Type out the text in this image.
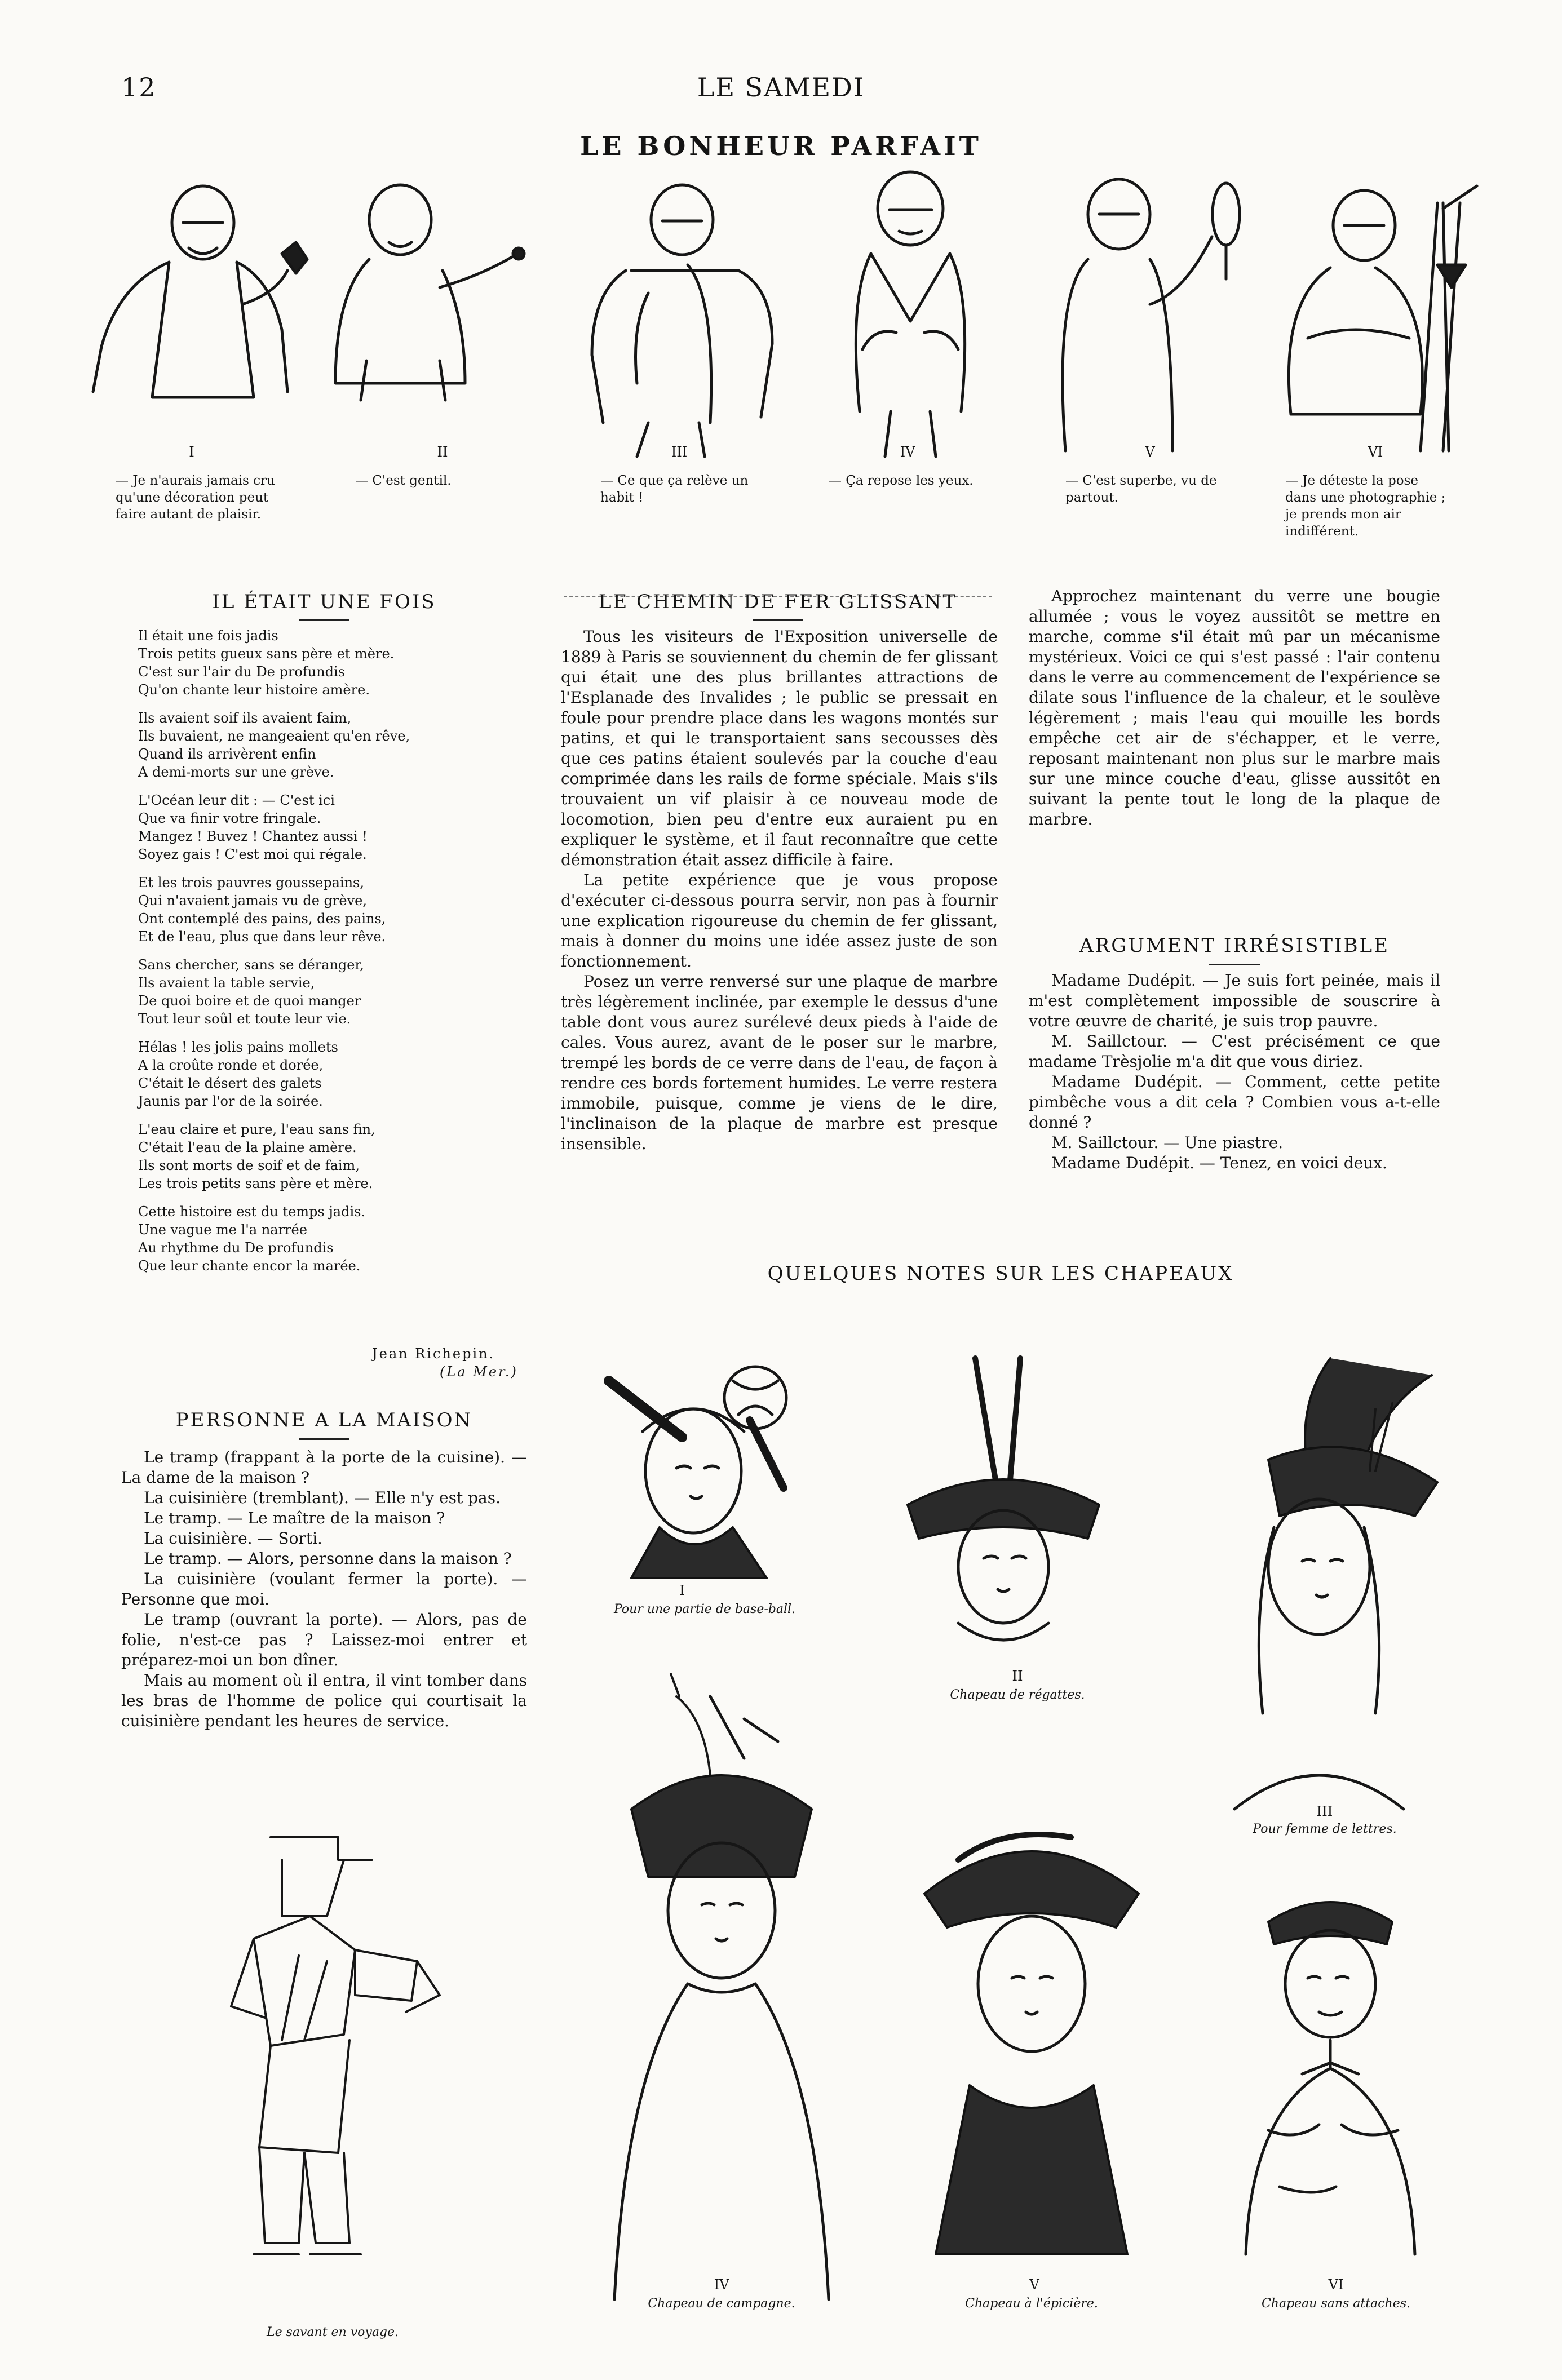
12	LE SAMEDI
LE BONHEUR PARFAIT
I	II	III	IV	V	VI
— Je n'aurais jamais cru qu'une décoration peut faire autant de plaisir.
— C'est gentil.	— Ce que ça relève un habit !
— Ça repose les yeux.	— C'est superbe, vu de partout.
— Je déteste la pose dans une photographie ; je prends mon air indifférent.
IL ÉTAIT UNE FOIS

Il était une fois jadis

Trois petits gueux sans père et mère.

C'est sur l'air du De profundis

Qu'on chante leur histoire amère.

Ils avaient soif ils avaient faim,

Ils buvaient, ne mangeaient qu'en rêve,

Quand ils arrivèrent enfin

A demi-morts sur une grève.

L'Océan leur dit : — C'est ici

Que va finir votre fringale.

Mangez ! Buvez ! Chantez aussi !

Soyez gais ! C'est moi qui régale.

Et les trois pauvres goussepains,

Qui n'avaient jamais vu de grève,

Ont contemplé des pains, des pains,

Et de l'eau, plus que dans leur rêve.

Sans chercher, sans se déranger,

Ils avaient la table servie,

De quoi boire et de quoi manger

Tout leur soûl et toute leur vie.

Hélas ! les jolis pains mollets

A la croûte ronde et dorée,

C'était le désert des galets

Jaunis par l'or de la soirée.

L'eau claire et pure, l'eau sans fin,

C'était l'eau de la plaine amère.

Ils sont morts de soif et de faim,

Les trois petits sans père et mère.

Cette histoire est du temps jadis.

Une vague me l'a narrée

Au rhythme du De profundis

Que leur chante encor la marée.

Jean Richepin.
(La Mer.)
PERSONNE A LA MAISON

Le tramp (frappant à la porte de la cuisine). — La dame de la maison ?

La cuisinière (tremblant). — Elle n'y est pas.

Le tramp. — Le maître de la maison ?

La cuisinière. — Sorti.

Le tramp. — Alors, personne dans la maison ?

La cuisinière (voulant fermer la porte). — Personne que moi.

Le tramp (ouvrant la porte). — Alors, pas de folie, n'est-ce pas ? Laissez-moi entrer et préparez-moi un bon dîner.

Mais au moment où il entra, il vint tomber dans les bras de l'homme de police qui courtisait la cuisinière pendant les heures de service.

Le savant en voyage.
LE CHEMIN DE FER GLISSANT

Tous les visiteurs de l'Exposition universelle de 1889 à Paris se souviennent du chemin de fer glissant qui était une des plus brillantes attractions de l'Esplanade des Invalides ; le public se pressait en foule pour prendre place dans les wagons montés sur patins, et qui le transportaient sans secousses dès que ces patins étaient soulevés par la couche d'eau comprimée dans les rails de forme spéciale. Mais s'ils trouvaient un vif plaisir à ce nouveau mode de locomotion, bien peu d'entre eux auraient pu en expliquer le système, et il faut reconnaître que cette démonstration était assez difficile à faire.

La petite expérience que je vous propose d'exécuter ci-dessous pourra servir, non pas à fournir une explication rigoureuse du chemin de fer glissant, mais à donner du moins une idée assez juste de son fonctionnement.

Posez un verre renversé sur une plaque de marbre très légèrement inclinée, par exemple le dessus d'une table dont vous aurez surélevé deux pieds à l'aide de cales. Vous aurez, avant de le poser sur le marbre, trempé les bords de ce verre dans de l'eau, de façon à rendre ces bords fortement humides. Le verre restera immobile, puisque, comme je viens de le dire, l'inclinaison de la plaque de marbre est presque insensible.

Approchez maintenant du verre une bougie allumée ; vous le voyez aussitôt se mettre en marche, comme s'il était mû par un mécanisme mystérieux. Voici ce qui s'est passé : l'air contenu dans le verre au commencement de l'expérience se dilate sous l'influence de la chaleur, et le soulève légèrement ; mais l'eau qui mouille les bords empêche cet air de s'échapper, et le verre, reposant maintenant non plus sur le marbre mais sur une mince couche d'eau, glisse aussitôt en suivant la pente tout le long de la plaque de marbre.

ARGUMENT IRRÉSISTIBLE

Madame Dudépit. — Je suis fort peinée, mais il m'est complètement impossible de souscrire à votre œuvre de charité, je suis trop pauvre.

M. Saillctour. — C'est précisément ce que madame Trèsjolie m'a dit que vous diriez.

Madame Dudépit. — Comment, cette petite pimbêche vous a dit cela ? Combien vous a-t-elle donné ?

M. Saillctour. — Une piastre.

Madame Dudépit. — Tenez, en voici deux.

QUELQUES NOTES SUR LES CHAPEAUX
I
Pour une partie de base-ball.
II
Chapeau de régattes.
III
Pour femme de lettres.
IV
Chapeau de campagne.
V
Chapeau à l'épicière.
VI
Chapeau sans attaches.
